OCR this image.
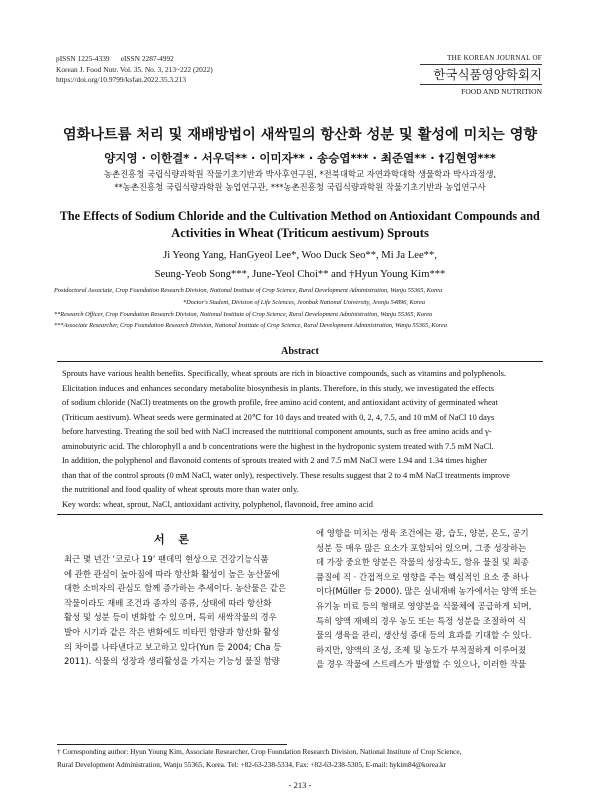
pISSN 1225-4339 eISSN 2287-4992
Korean J. Food Nutr. Vol. 35. No. 3, 213~222 (2022)
https://doi.org/10.9799/ksfan.2022.35.3.213
THE KOREAN JOURNAL OF
한국식품영양학회지
FOOD AND NUTRITION
염화나트륨 처리 및 재배방법이 새싹밀의 항산화 성분 및 활성에 미치는 영향
양지영 · 이한결* · 서우덕** · 이미자** · 송승엽*** · 최준열** · †김현영***
농촌진흥청 국립식량과학원 작물기초기반과 박사후연구원, *전북대학교 자연과학대학 생물학과 박사과정생,
**농촌진흥청 국립식량과학원 농업연구관, ***농촌진흥청 국립식량과학원 작물기초기반과 농업연구사
The Effects of Sodium Chloride and the Cultivation Method on Antioxidant Compounds and
Activities in Wheat (Triticum aestivum) Sprouts
Ji Yeong Yang, HanGyeol Lee*, Woo Duck Seo**, Mi Ja Lee**,
Seung-Yeob Song***, June-Yeol Choi** and †Hyun Young Kim***
Postdoctoral Associate, Crop Foundation Research Division, National Institute of Crop Science, Rural Development Administration, Wanju 55365, Korea
*Doctor's Student, Division of Life Sciences, Jeonbuk National University, Jeonju 54896, Korea
**Research Officer, Crop Foundation Research Division, National Institute of Crop Science, Rural Development Administration, Wanju 55365, Korea
***Associate Researcher, Crop Foundation Research Division, National Institute of Crop Science, Rural Development Administration, Wanju 55365, Korea
Abstract
Sprouts have various health benefits. Specifically, wheat sprouts are rich in bioactive compounds, such as vitamins and polyphenols.
Elicitation induces and enhances secondary metabolite biosynthesis in plants. Therefore, in this study, we investigated the effects
of sodium chloride (NaCl) treatments on the growth profile, free amino acid content, and antioxidant activity of germinated wheat
(Triticum aestivum). Wheat seeds were germinated at 20℃ for 10 days and treated with 0, 2, 4, 7.5, and 10 mM of NaCl 10 days
before harvesting. Treating the soil bed with NaCl increased the nutritional component amounts, such as free amino acids and γ-
aminobutyric acid. The chlorophyll a and b concentrations were the highest in the hydroponic system treated with 7.5 mM NaCl.
In addition, the polyphenol and flavonoid contents of sprouts treated with 2 and 7.5 mM NaCl were 1.94 and 1.34 times higher
than that of the control sprouts (0 mM NaCl, water only), respectively. These results suggest that 2 to 4 mM NaCl treatments improve
the nutritional and food quality of wheat sprouts more than water only.
Key words: wheat, sprout, NaCl, antioxidant activity, polyphenol, flavonoid, free amino acid
서 론
최근 몇 년간 ‘코로나 19’ 팬데믹 현상으로 건강기능식품
에 관한 관심이 높아짐에 따라 항산화 활성이 높은 농산물에
대한 소비자의 관심도 함께 증가하는 추세이다. 농산물은 같은
작물이라도 재배 조건과 종자의 종류, 상태에 따라 항산화
활성 및 성분 등이 변화할 수 있으며, 특히 새싹작물의 경우
발아 시기과 같은 작은 변화에도 비타민 함량과 항산화 활성
의 차이를 나타낸다고 보고하고 있다(Yun 등 2004; Cha 등
2011). 식물의 성장과 생리활성을 가지는 기능성 물질 함량
에 영향을 미치는 생육 조건에는 광, 습도, 양분, 온도, 공기
성분 등 매우 많은 요소가 포함되어 있으며, 그중 성장하는
데 가장 중요한 양분은 작물의 성장속도, 함유 물질 및 최종
품질에 직 · 간접적으로 영향을 주는 핵심적인 요소 중 하나
이다(Müller 등 2000). 많은 실내재배 농가에서는 양액 또는
유기농 비료 등의 형태로 영양분을 식물체에 공급하게 되며,
특히 양액 재배의 경우 농도 또는 특정 성분을 조절하여 식
물의 생육을 관리, 생산성 증대 등의 효과를 기대할 수 있다.
하지만, 양액의 조성, 조제 및 농도가 부적절하게 이루어졌
을 경우 작물에 스트레스가 발생할 수 있으나, 이러한 작물
† Corresponding author: Hyun Young Kim, Associate Researcher, Crop Foundation Research Division, National Institute of Crop Science,
Rural Development Administration, Wanju 55365, Korea. Tel: +82-63-238-5334, Fax: +82-63-238-5305, E-mail: hykim84@korea.kr
- 213 -
